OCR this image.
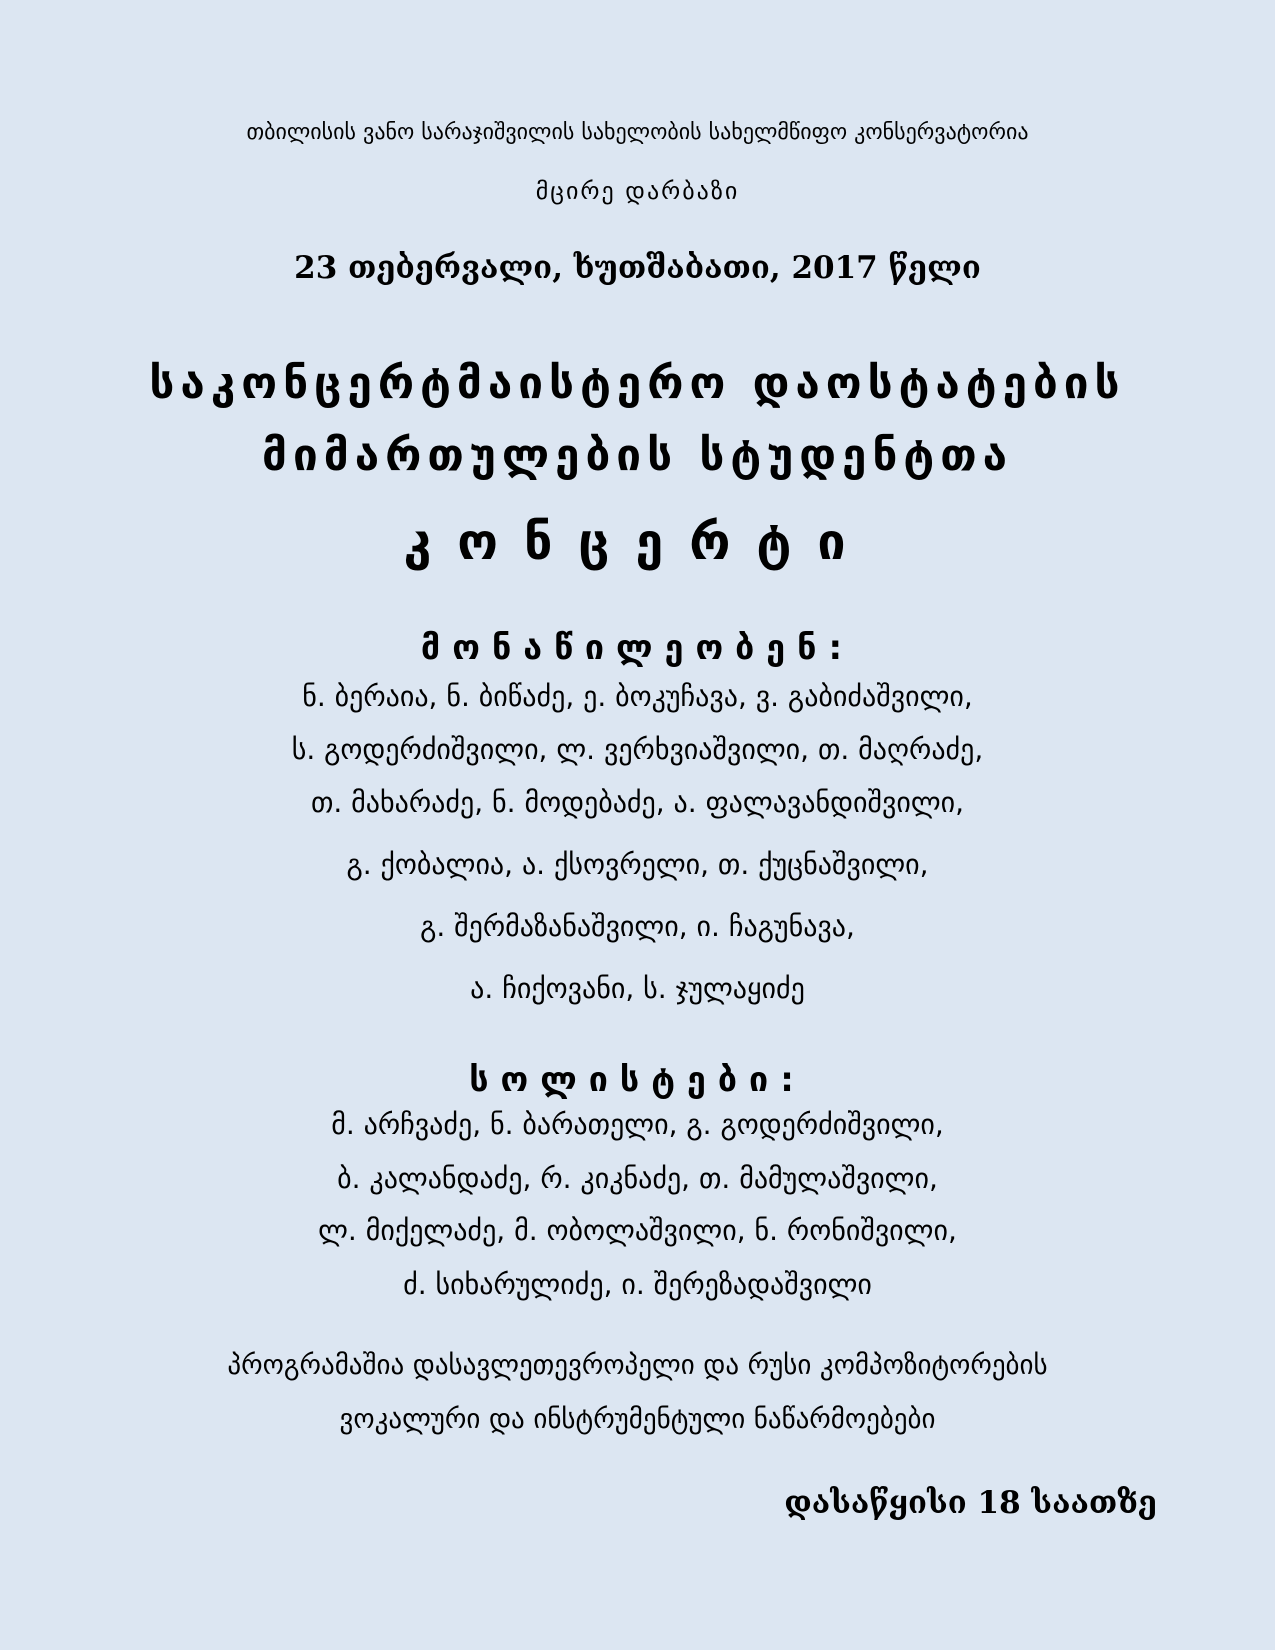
თბილისის ვანო სარაჯიშვილის სახელობის სახელმწიფო კონსერვატორია
მცირე დარბაზი
23 თებერვალი, ხუთშაბათი, 2017 წელი
საკონცერტმაისტერო დაოსტატების
მიმართულების სტუდენტთა
კონცერტი
მონაწილეობენ:
ნ. ბერაია, ნ. ბიწაძე, ე. ბოკუჩავა, ვ. გაბიძაშვილი,
ს. გოდერძიშვილი, ლ. ვერხვიაშვილი, თ. მაღრაძე,
თ. მახარაძე, ნ. მოდებაძე, ა. ფალავანდიშვილი,
გ. ქობალია, ა. ქსოვრელი, თ. ქუცნაშვილი,
გ. შერმაზანაშვილი, ი. ჩაგუნავა,
ა. ჩიქოვანი, ს. ჯულაყიძე
სოლისტები:
მ. არჩვაძე, ნ. ბარათელი, გ. გოდერძიშვილი,
ბ. კალანდაძე, რ. კიკნაძე, თ. მამულაშვილი,
ლ. მიქელაძე, მ. ობოლაშვილი, ნ. რონიშვილი,
ძ. სიხარულიძე, ი. შერეზადაშვილი
პროგრამაშია დასავლეთევროპელი და რუსი კომპოზიტორების
ვოკალური და ინსტრუმენტული ნაწარმოებები
დასაწყისი 18 საათზე
